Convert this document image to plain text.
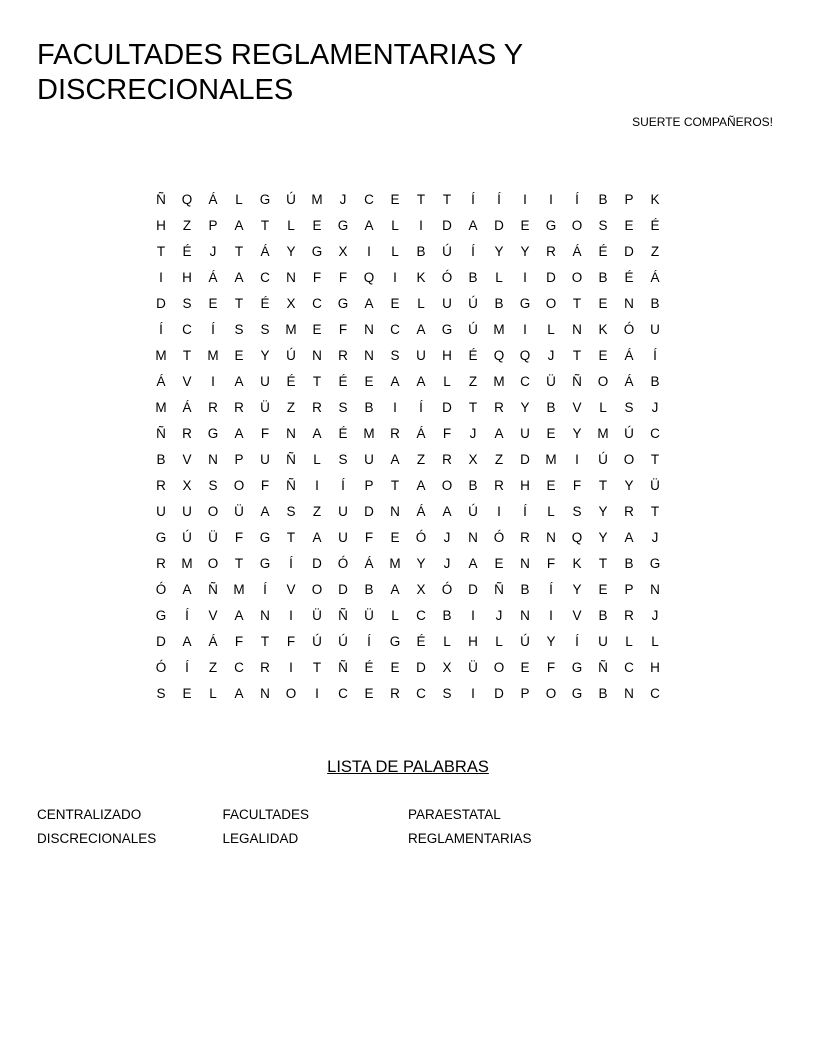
FACULTADES REGLAMENTARIAS Y DISCRECIONALES
SUERTE COMPAÑEROS!
Ñ	Q	Á	L	G	Ú	M	J	C	E	T	T	Í	Í	I	I	Í	B	P	K
H	Z	P	A	T	L	E	G	A	L	I	D	A	D	E	G	O	S	E	É
T	É	J	T	Á	Y	G	X	I	L	B	Ú	Í	Y	Y	R	Á	É	D	Z
I	H	Á	A	C	N	F	F	Q	I	K	Ó	B	L	I	D	O	B	É	Á
D	S	E	T	É	X	C	G	A	E	L	U	Ú	B	G	O	T	E	N	B
Í	C	Í	S	S	M	E	F	N	C	A	G	Ú	M	I	L	N	K	Ó	U
M	T	M	E	Y	Ú	N	R	N	S	U	H	É	Q	Q	J	T	E	Á	Í
Á	V	I	A	U	É	T	É	E	A	A	L	Z	M	C	Ü	Ñ	O	Á	B
M	Á	R	R	Ü	Z	R	S	B	I	Í	D	T	R	Y	B	V	L	S	J
Ñ	R	G	A	F	N	A	É	M	R	Á	F	J	A	U	E	Y	M	Ú	C
B	V	N	P	U	Ñ	L	S	U	A	Z	R	X	Z	D	M	I	Ú	O	T
R	X	S	O	F	Ñ	I	Í	P	T	A	O	B	R	H	E	F	T	Y	Ü
U	U	O	Ü	A	S	Z	U	D	N	Á	A	Ú	I	Í	L	S	Y	R	T
G	Ú	Ü	F	G	T	A	U	F	E	Ó	J	N	Ó	R	N	Q	Y	A	J
R	M	O	T	G	Í	D	Ó	Á	M	Y	J	A	E	N	F	K	T	B	G
Ó	A	Ñ	M	Í	V	O	D	B	A	X	Ó	D	Ñ	B	Í	Y	E	P	N
G	Í	V	A	N	I	Ü	Ñ	Ü	L	C	B	I	J	N	I	V	B	R	J
D	A	Á	F	T	F	Ú	Ú	Í	G	É	L	H	L	Ú	Y	Í	U	L	L
Ó	Í	Z	C	R	I	T	Ñ	É	E	D	X	Ü	O	E	F	G	Ñ	C	H
S	E	L	A	N	O	I	C	E	R	C	S	I	D	P	O	G	B	N	C
LISTA DE PALABRAS
CENTRALIZADO	FACULTADES	PARAESTATAL
DISCRECIONALES	LEGALIDAD	REGLAMENTARIAS
